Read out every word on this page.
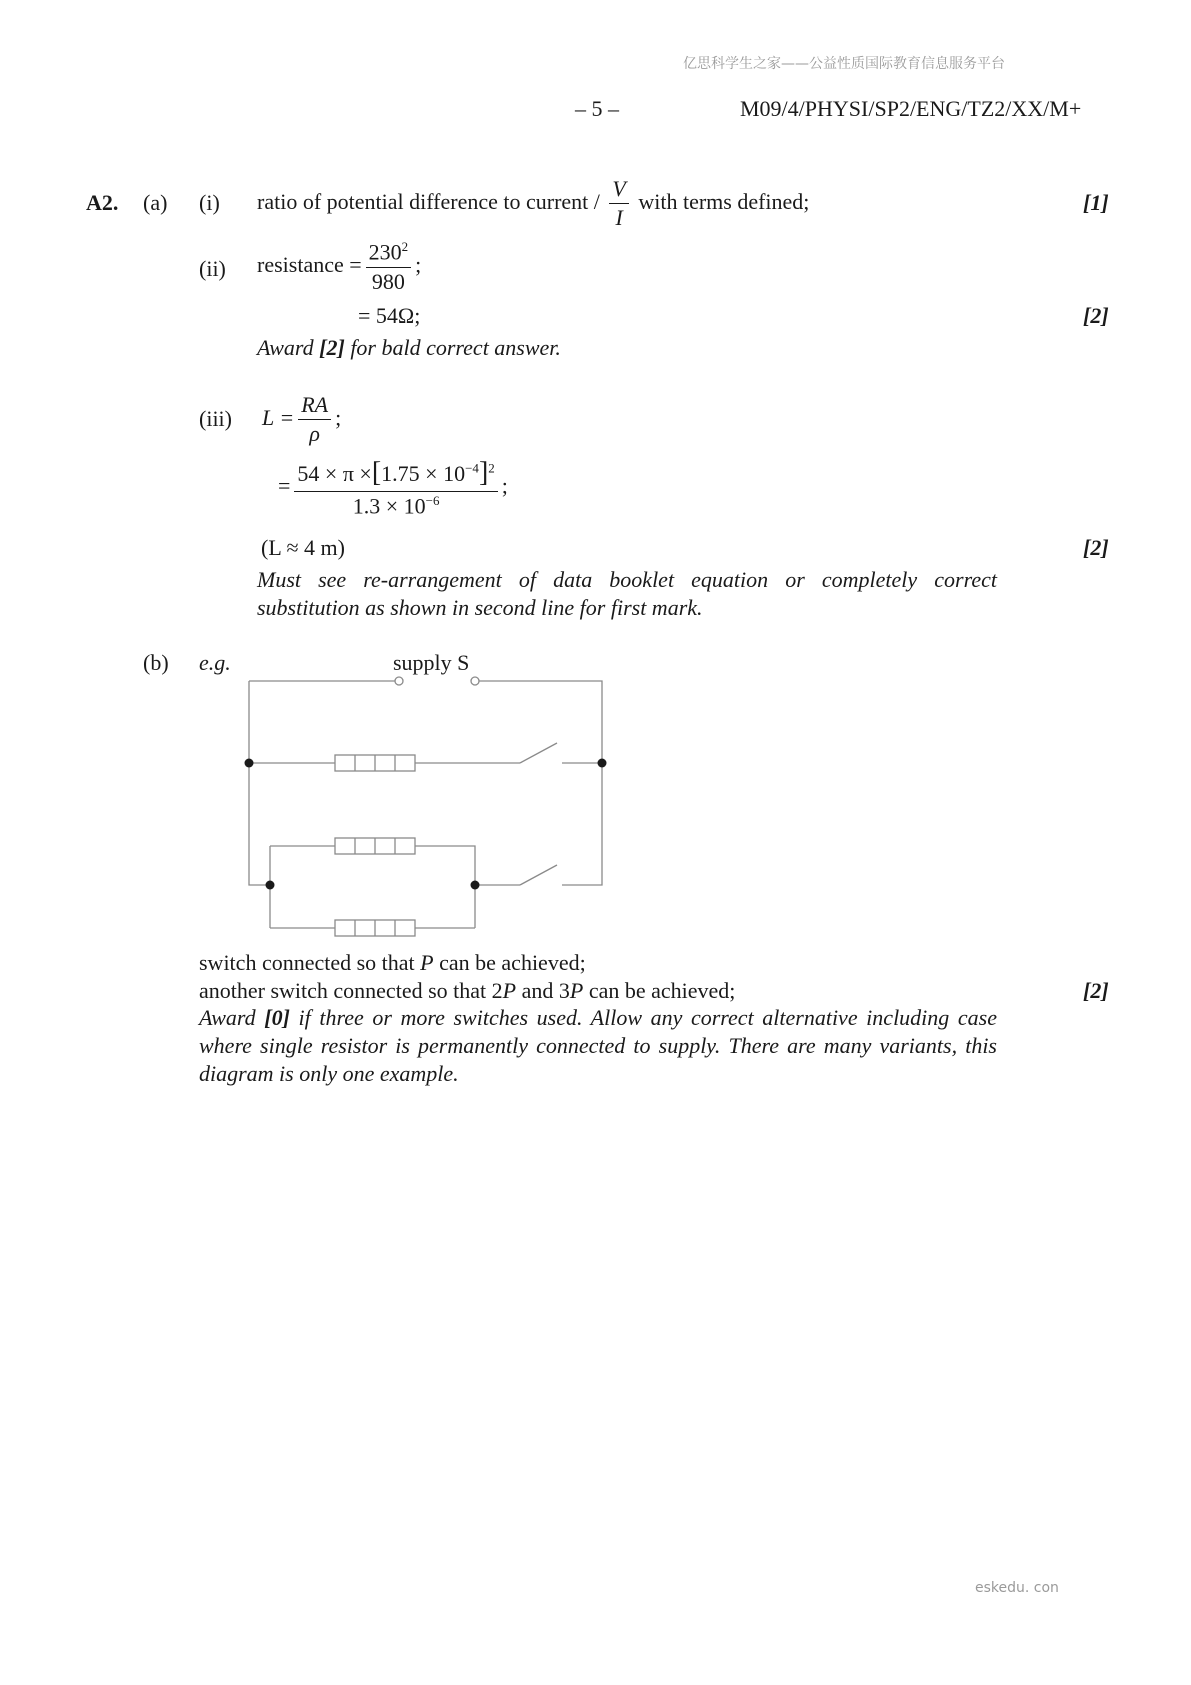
亿思科学生之家——公益性质国际教育信息服务平台
eskedu. con
– 5 –	M09/4/PHYSI/SP2/ENG/TZ2/XX/M+
A2. (a) (i) ratio of potential difference to current / $\frac{V}{I}$ with terms defined;	[1]
(ii) resistance = $\frac{230^2}{980}$ ;
= 54Ω;	[2]
Award [2] for bald correct answer.
(iii) $L = \frac{RA}{\rho}$ ;
= $\frac{54 \times \pi \times[1.75 \times 10^{-4}]^2}{1.3 \times 10^{-6}}$ ;
(L ≈ 4 m)	[2]
Must see re-arrangement of data booklet equation or completely correct substitution as shown in second line for first mark.
(b) e.g.	supply S
switch connected so that P can be achieved;
another switch connected so that 2P and 3P can be achieved;	[2]
Award [0] if three or more switches used. Allow any correct alternative including case where single resistor is permanently connected to supply. There are many variants, this diagram is only one example.
